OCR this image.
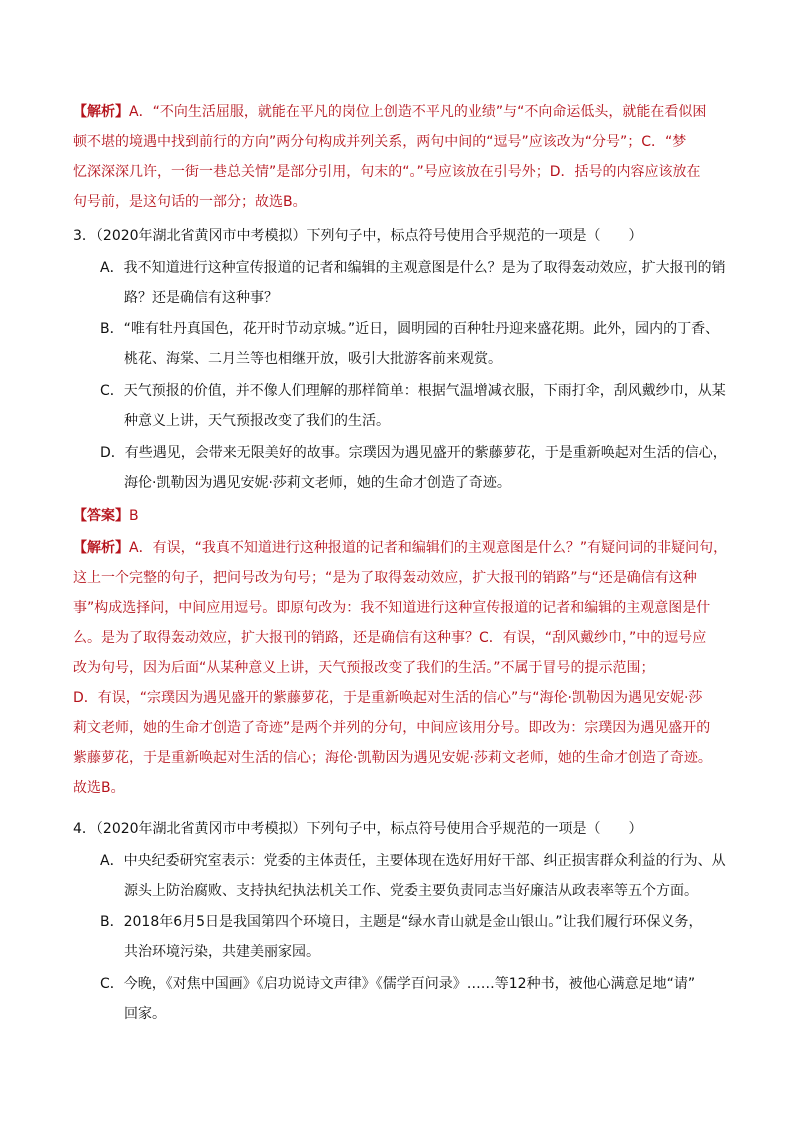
【解析】A．“不向生活屈服，就能在平凡的岗位上创造不平凡的业绩”与“不向命运低头，就能在看似困
顿不堪的境遇中找到前行的方向”两分句构成并列关系，两句中间的“逗号”应该改为“分号”；C．“梦
忆深深深几许，一街一巷总关情”是部分引用，句末的“。”号应该放在引号外；D．括号的内容应该放在
句号前，是这句话的一部分；故选B。
3．（2020年湖北省黄冈市中考模拟）下列句子中，标点符号使用合乎规范的一项是（　　）
A．我不知道进行这种宣传报道的记者和编辑的主观意图是什么？是为了取得轰动效应，扩大报刊的销
路？还是确信有这种事？
B．“唯有牡丹真国色，花开时节动京城。”近日，圆明园的百种牡丹迎来盛花期。此外，园内的丁香、
桃花、海棠、二月兰等也相继开放，吸引大批游客前来观赏。
C．天气预报的价值，并不像人们理解的那样简单：根据气温增减衣服，下雨打伞，刮风戴纱巾，从某
种意义上讲，天气预报改变了我们的生活。
D．有些遇见，会带来无限美好的故事。宗璞因为遇见盛开的紫藤萝花，于是重新唤起对生活的信心，
海伦·凯勒因为遇见安妮·莎莉文老师，她的生命才创造了奇迹。
【答案】B
【解析】A．有误，“我真不知道进行这种报道的记者和编辑们的主观意图是什么？”有疑问词的非疑问句，
这上一个完整的句子，把问号改为句号；“是为了取得轰动效应，扩大报刊的销路”与“还是确信有这种
事”构成选择问，中间应用逗号。即原句改为：我不知道进行这种宣传报道的记者和编辑的主观意图是什
么。是为了取得轰动效应，扩大报刊的销路，还是确信有这种事？C．有误，“刮风戴纱巾，”中的逗号应
改为句号，因为后面“从某种意义上讲，天气预报改变了我们的生活。”不属于冒号的提示范围；
D．有误，“宗璞因为遇见盛开的紫藤萝花，于是重新唤起对生活的信心”与“海伦·凯勒因为遇见安妮·莎
莉文老师，她的生命才创造了奇迹”是两个并列的分句，中间应该用分号。即改为：宗璞因为遇见盛开的
紫藤萝花，于是重新唤起对生活的信心；海伦·凯勒因为遇见安妮·莎莉文老师，她的生命才创造了奇迹。
故选B。
4．（2020年湖北省黄冈市中考模拟）下列句子中，标点符号使用合乎规范的一项是（　　）
A．中央纪委研究室表示：党委的主体责任，主要体现在选好用好干部、纠正损害群众利益的行为、从
源头上防治腐败、支持执纪执法机关工作、党委主要负责同志当好廉洁从政表率等五个方面。
B．2018年6月5日是我国第四个环境日，主题是“绿水青山就是金山银山。”让我们履行环保义务，
共治环境污染，共建美丽家园。
C．今晚，《对焦中国画》《启功说诗文声律》《儒学百问录》……等12种书，被他心满意足地“请”
回家。
